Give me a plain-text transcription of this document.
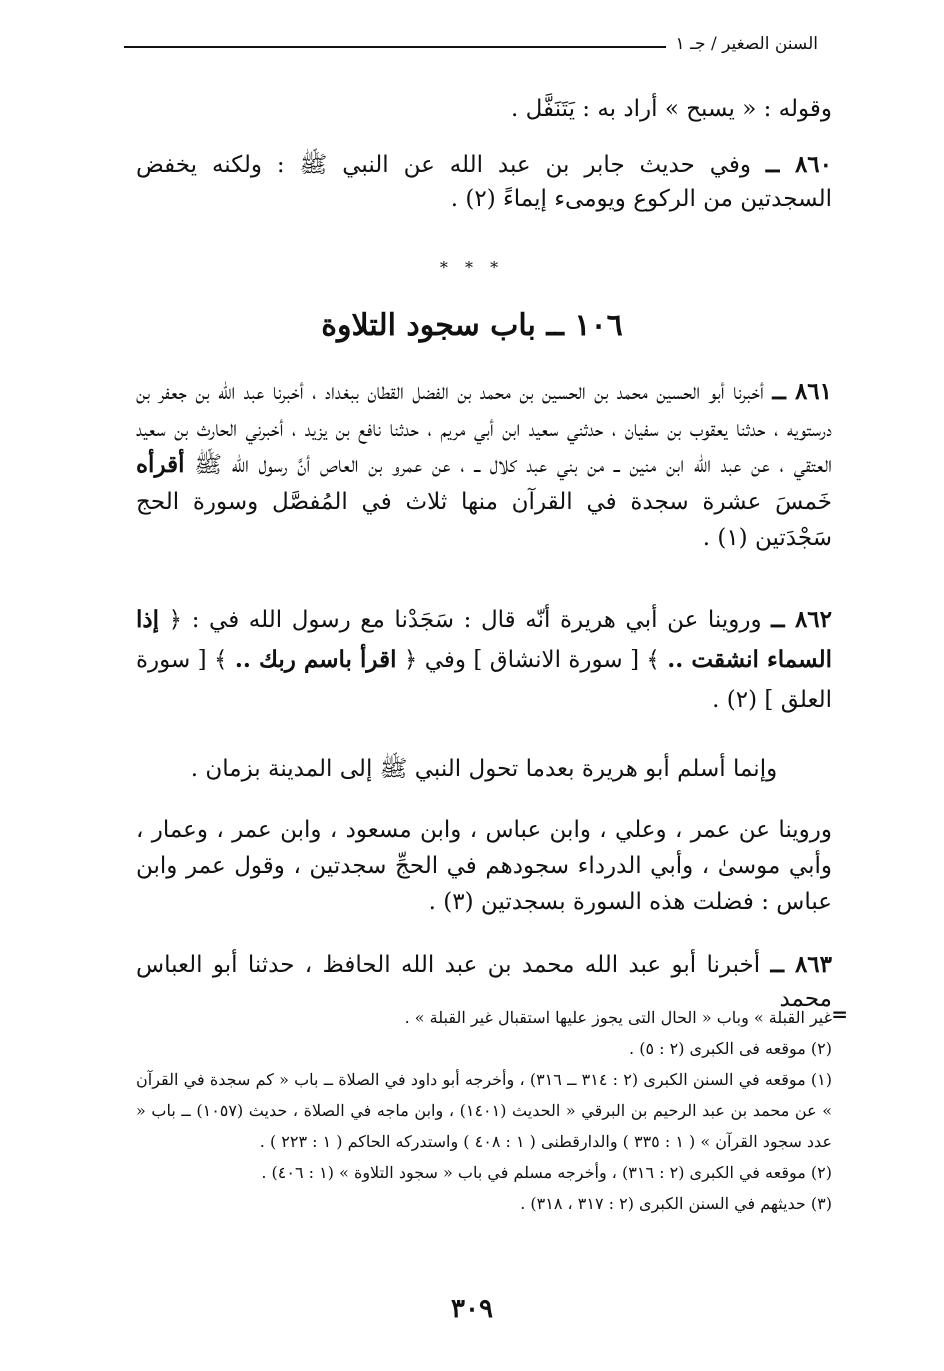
السنن الصغير / جـ ١

وقوله : « يسبح » أراد به : يَتَنَفَّل .

٨٦٠ ــ وفي حديث جابر بن عبد الله عن النبي ﷺ : ولكنه يخفض السجدتين من الركوع ويومىء إيماءً (٢) .

* * *
١٠٦ ــ باب سجود التلاوة

٨٦١ ــ أخبرنا أبو الحسين محمد بن الحسين بن محمد بن الفضل القطان ببغداد ، أخبرنا عبد الله بن جعفر بن درستويه ، حدثنا يعقوب بن سفيان ، حدثني سعيد ابن أبي مريم ، حدثنا نافع بن يزيد ، أخبرني الحارث بن سعيد العتقي ، عن عبد الله ابن منين ــ من بني عبد كلال ــ ، عن عمرو بن العاص أنَّ رسول الله ﷺ أقرأه خَمسَ عشرة سجدة في القرآن منها ثلاث في المُفصَّل وسورة الحج سَجْدَتين (١) .

٨٦٢ ــ وروينا عن أبي هريرة أنّه قال : سَجَدْنا مع رسول الله في : ﴿ إذا السماء انشقت .. ﴾ [ سورة الانشاق ] وفي ﴿ اقرأ باسم ربك .. ﴾ [ سورة العلق ] (٢) .

وإنما أسلم أبو هريرة بعدما تحول النبي ﷺ إلى المدينة بزمان .

وروينا عن عمر ، وعلي ، وابن عباس ، وابن مسعود ، وابن عمر ، وعمار ، وأبي موسىٰ ، وأبي الدرداء سجودهم في الحجِّ سجدتين ، وقول عمر وابن عباس : فضلت هذه السورة بسجدتين (٣) .

٨٦٣ ــ أخبرنا أبو عبد الله محمد بن عبد الله الحافظ ، حدثنا أبو العباس محمد

=

غير القبلة » وباب « الحال التى يجوز عليها استقبال غير القبلة » .

(٢) موقعه فى الكبرى (٢ : ٥) .

(١) موقعه في السنن الكبرى (٢ : ٣١٤ ــ ٣١٦) ، وأخرجه أبو داود في الصلاة ــ باب « كم سجدة في القرآن » عن محمد بن عبد الرحيم بن البرقي « الحديث (١٤٠١) ، وابن ماجه في الصلاة ، حديث (١٠٥٧) ــ باب « عدد سجود القرآن » ( ١ : ٣٣٥ ) والدارقطنى ( ١ : ٤٠٨ ) واستدركه الحاكم ( ١ : ٢٢٣ ) .

(٢) موقعه في الكبرى (٢ : ٣١٦) ، وأخرجه مسلم في باب « سجود التلاوة » (١ : ٤٠٦) .

(٣) حديثهم في السنن الكبرى (٢ : ٣١٧ ، ٣١٨) .

٣٠٩
